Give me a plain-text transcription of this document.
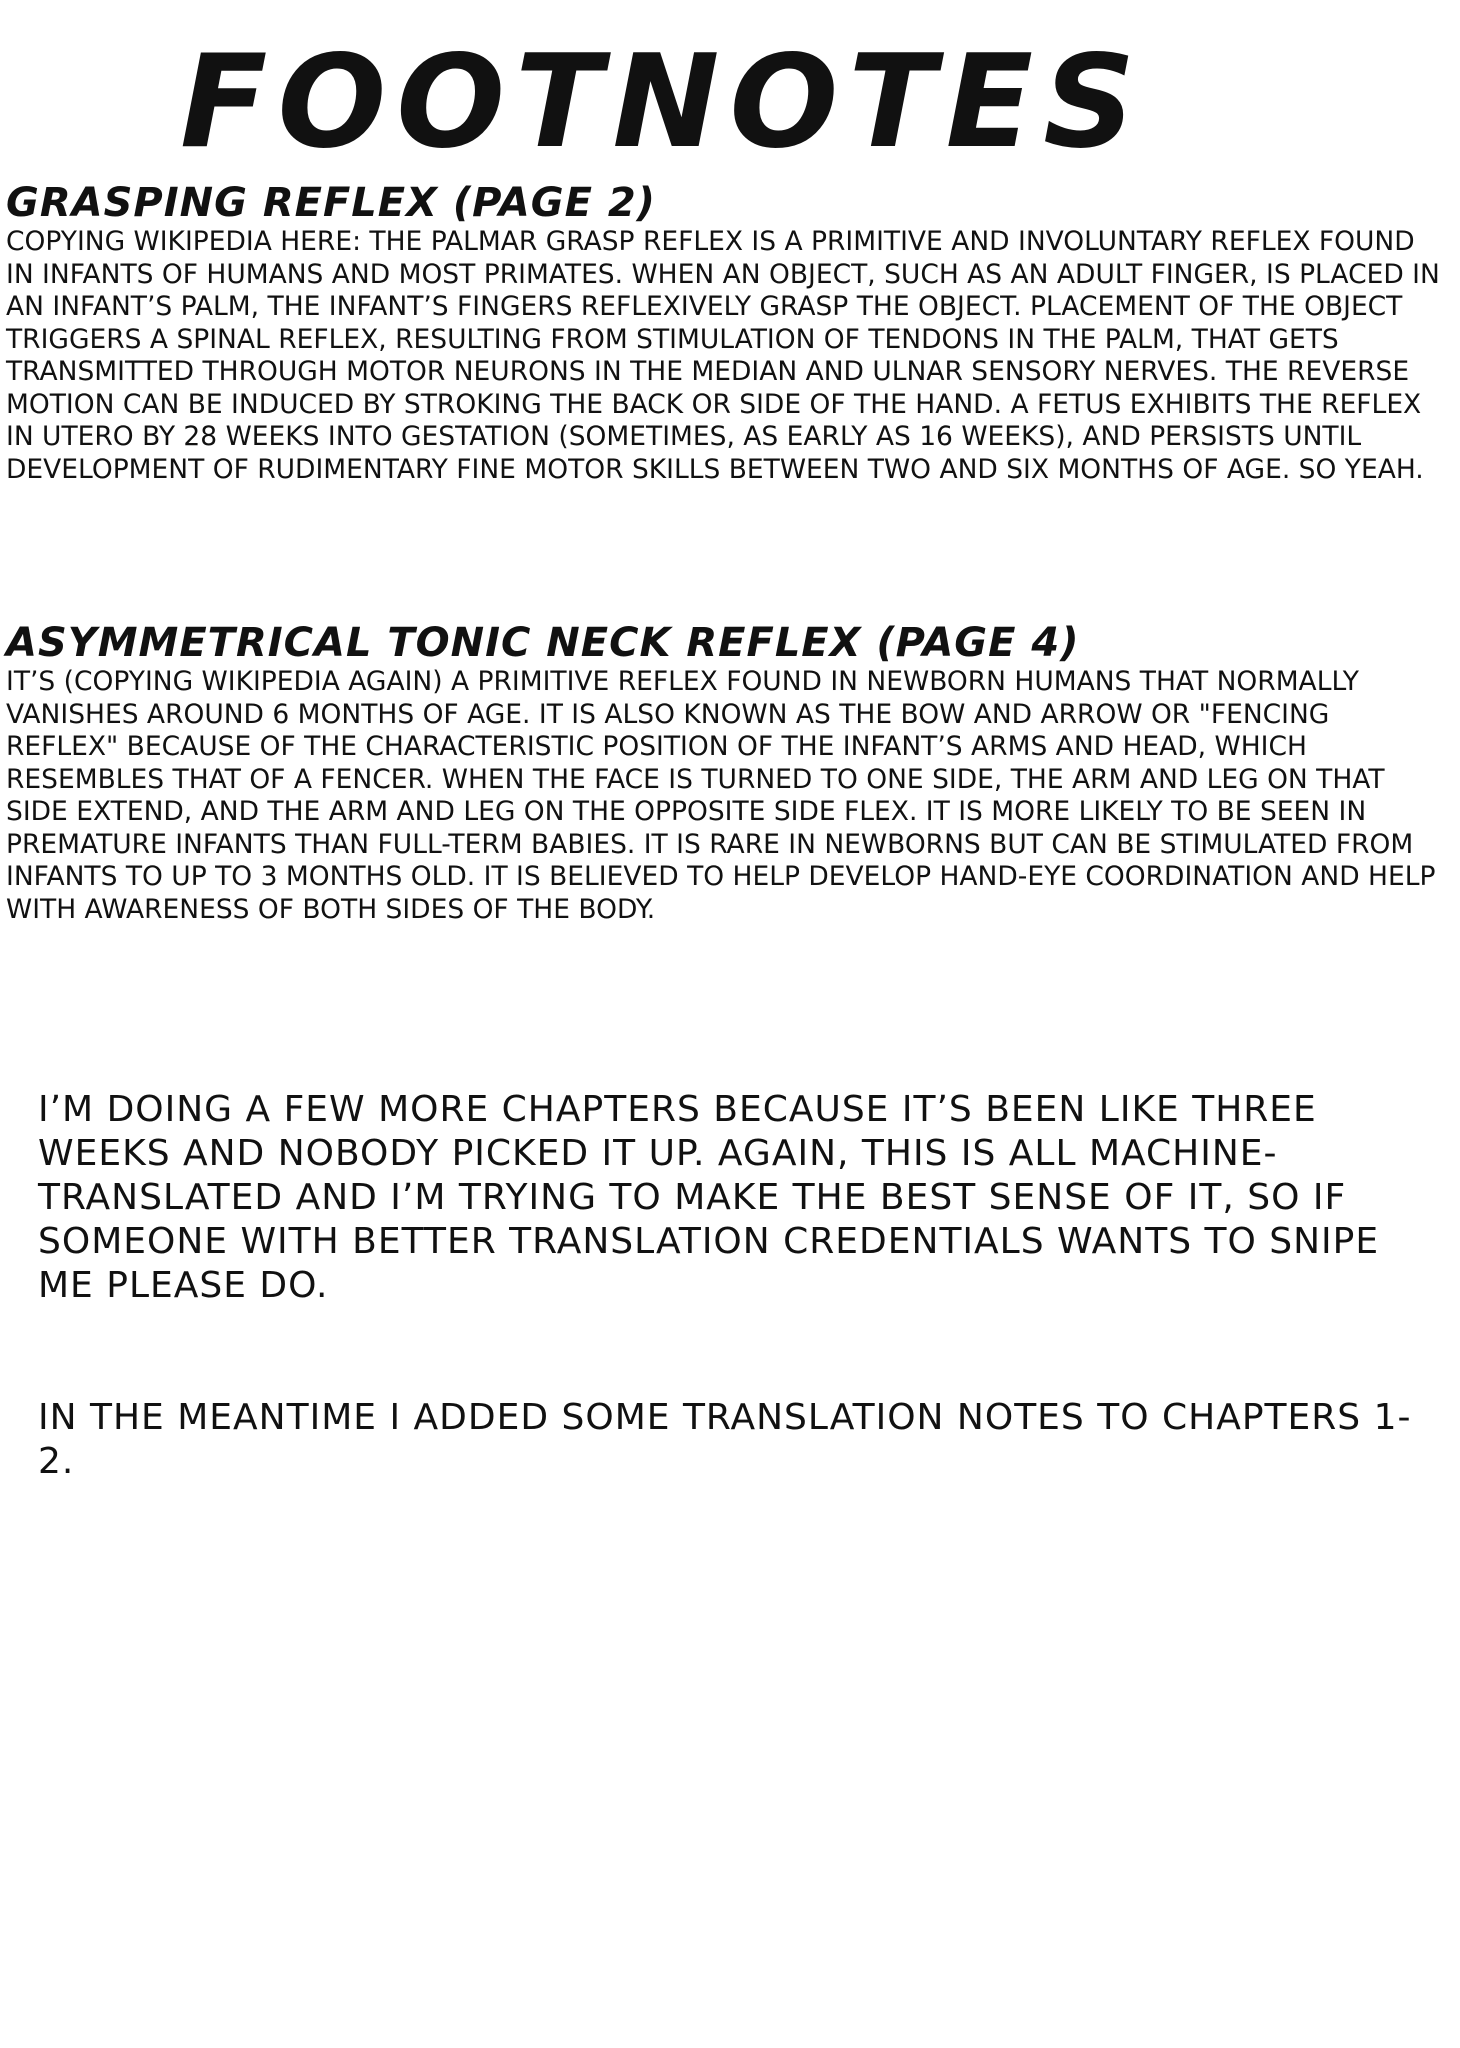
FOOTNOTES
GRASPING REFLEX (PAGE 2)

COPYING WIKIPEDIA HERE: THE PALMAR GRASP REFLEX IS A PRIMITIVE AND INVOLUNTARY REFLEX FOUND IN INFANTS OF HUMANS AND MOST PRIMATES. WHEN AN OBJECT, SUCH AS AN ADULT FINGER, IS PLACED IN AN INFANT’S PALM, THE INFANT’S FINGERS REFLEXIVELY GRASP THE OBJECT. PLACEMENT OF THE OBJECT TRIGGERS A SPINAL REFLEX, RESULTING FROM STIMULATION OF TENDONS IN THE PALM, THAT GETS TRANSMITTED THROUGH MOTOR NEURONS IN THE MEDIAN AND ULNAR SENSORY NERVES. THE REVERSE MOTION CAN BE INDUCED BY STROKING THE BACK OR SIDE OF THE HAND. A FETUS EXHIBITS THE REFLEX IN UTERO BY 28 WEEKS INTO GESTATION (SOMETIMES, AS EARLY AS 16 WEEKS), AND PERSISTS UNTIL DEVELOPMENT OF RUDIMENTARY FINE MOTOR SKILLS BETWEEN TWO AND SIX MONTHS OF AGE. SO YEAH.

ASYMMETRICAL TONIC NECK REFLEX (PAGE 4)

IT’S (COPYING WIKIPEDIA AGAIN) A PRIMITIVE REFLEX FOUND IN NEWBORN HUMANS THAT NORMALLY VANISHES AROUND 6 MONTHS OF AGE. IT IS ALSO KNOWN AS THE BOW AND ARROW OR "FENCING REFLEX" BECAUSE OF THE CHARACTERISTIC POSITION OF THE INFANT’S ARMS AND HEAD, WHICH RESEMBLES THAT OF A FENCER. WHEN THE FACE IS TURNED TO ONE SIDE, THE ARM AND LEG ON THAT SIDE EXTEND, AND THE ARM AND LEG ON THE OPPOSITE SIDE FLEX. IT IS MORE LIKELY TO BE SEEN IN PREMATURE INFANTS THAN FULL-TERM BABIES. IT IS RARE IN NEWBORNS BUT CAN BE STIMULATED FROM INFANTS TO UP TO 3 MONTHS OLD. IT IS BELIEVED TO HELP DEVELOP HAND-EYE COORDINATION AND HELP WITH AWARENESS OF BOTH SIDES OF THE BODY.

I’M DOING A FEW MORE CHAPTERS BECAUSE IT’S BEEN LIKE THREE WEEKS AND NOBODY PICKED IT UP. AGAIN, THIS IS ALL MACHINE-TRANSLATED AND I’M TRYING TO MAKE THE BEST SENSE OF IT, SO IF SOMEONE WITH BETTER TRANSLATION CREDENTIALS WANTS TO SNIPE ME PLEASE DO.

IN THE MEANTIME I ADDED SOME TRANSLATION NOTES TO CHAPTERS 1-2.
